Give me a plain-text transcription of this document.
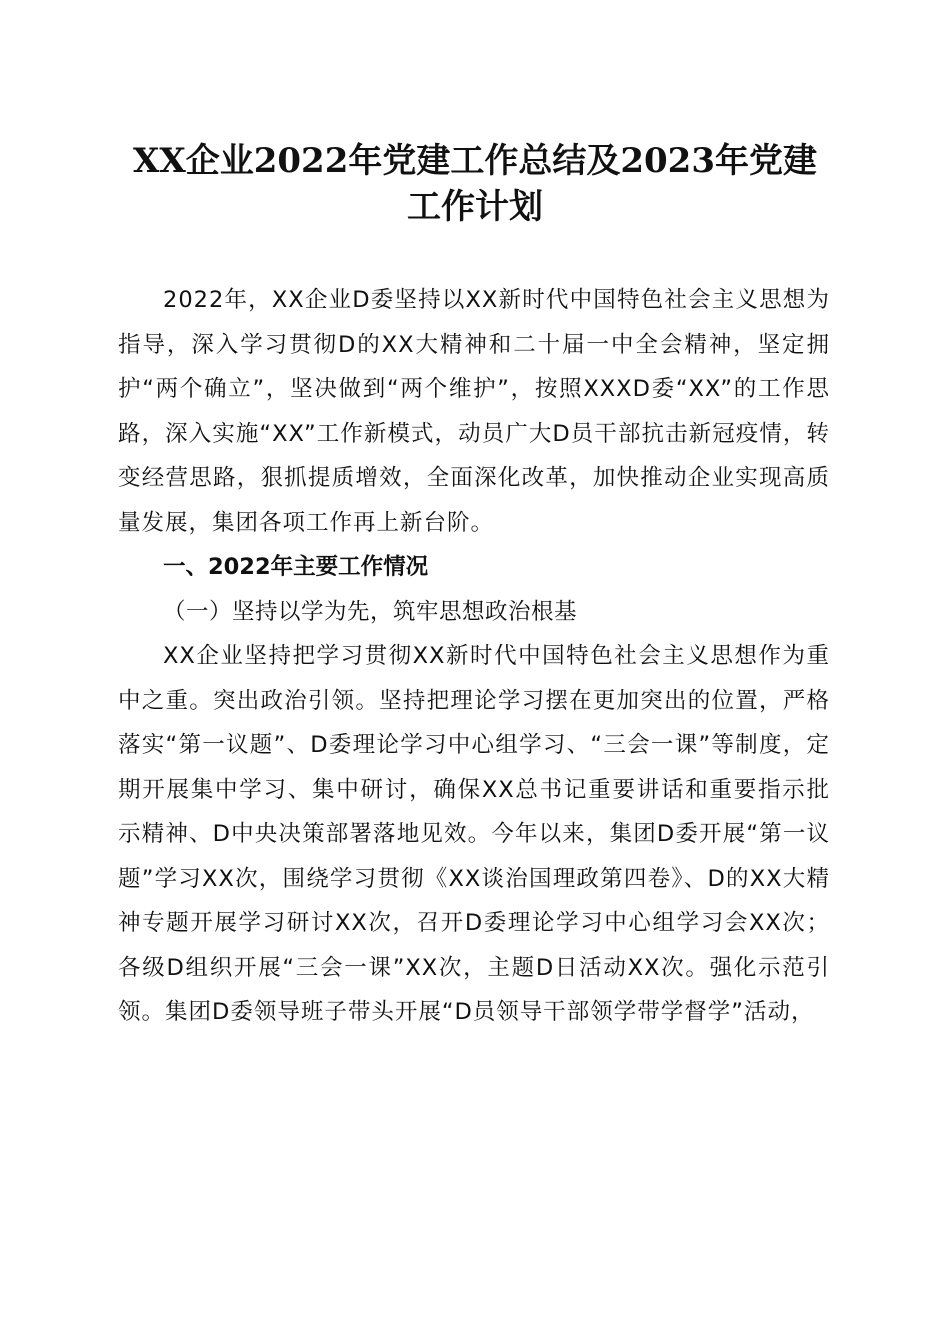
XX企业2022年党建工作总结及2023年党建
工作计划

2022年，XX企业D委坚持以XX新时代中国特色社会主义思想为指导，深入学习贯彻D的XX大精神和二十届一中全会精神，坚定拥护“两个确立”，坚决做到“两个维护”，按照XXXD委“XX”的工作思路，深入实施“XX”工作新模式，动员广大D员干部抗击新冠疫情，转变经营思路，狠抓提质增效，全面深化改革，加快推动企业实现高质量发展，集团各项工作再上新台阶。

一、2022年主要工作情况

（一）坚持以学为先，筑牢思想政治根基

XX企业坚持把学习贯彻XX新时代中国特色社会主义思想作为重中之重。突出政治引领。坚持把理论学习摆在更加突出的位置，严格落实“第一议题”、D委理论学习中心组学习、“三会一课”等制度，定期开展集中学习、集中研讨，确保XX总书记重要讲话和重要指示批示精神、D中央决策部署落地见效。今年以来，集团D委开展“第一议题”学习XX次，围绕学习贯彻《XX谈治国理政第四卷》、D的XX大精神专题开展学习研讨XX次，召开D委理论学习中心组学习会XX次；各级D组织开展“三会一课”XX次，主题D日活动XX次。强化示范引领。集团D委领导班子带头开展“D员领导干部领学带学督学”活动，
